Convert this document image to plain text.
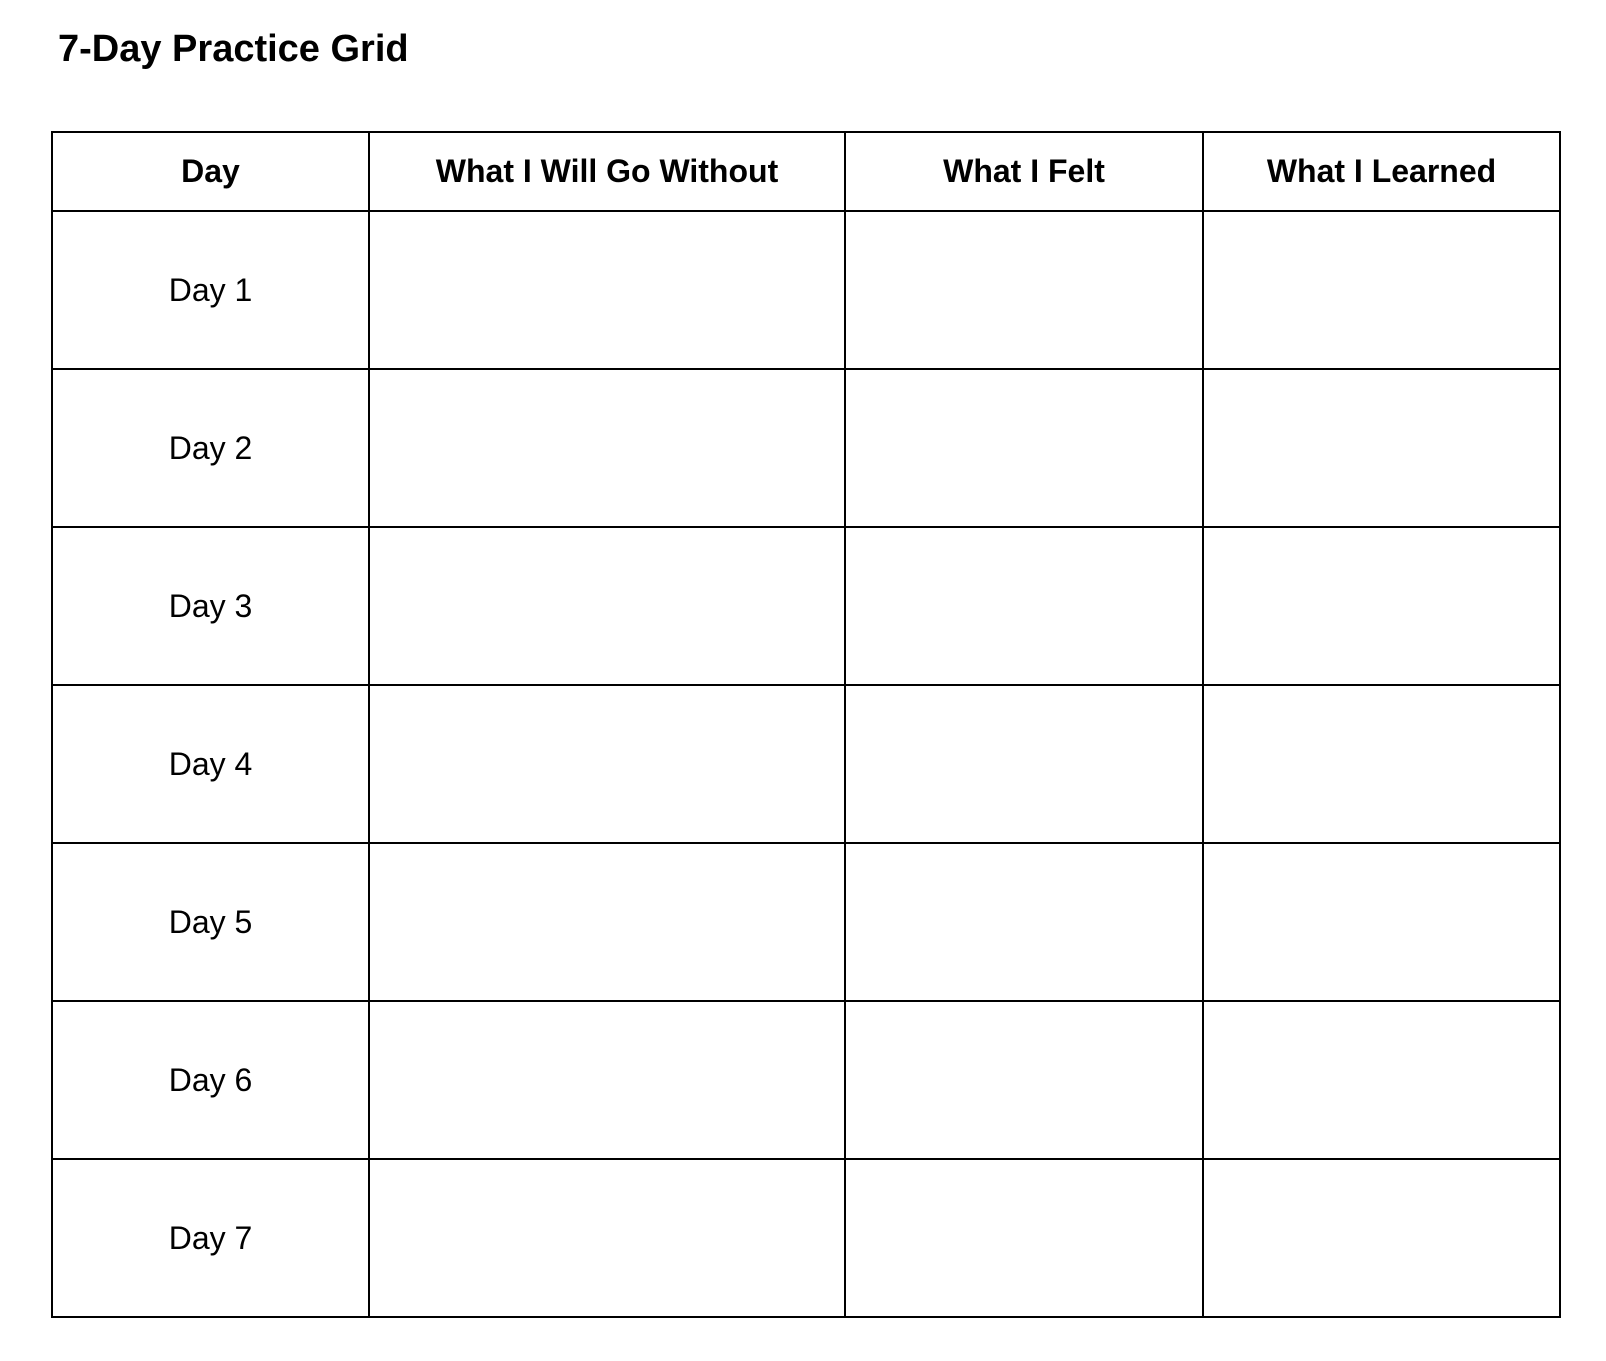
7-Day Practice Grid
Day	What I Will Go Without	What I Felt	What I Learned
Day 1			
Day 2			
Day 3			
Day 4			
Day 5			
Day 6			
Day 7			
